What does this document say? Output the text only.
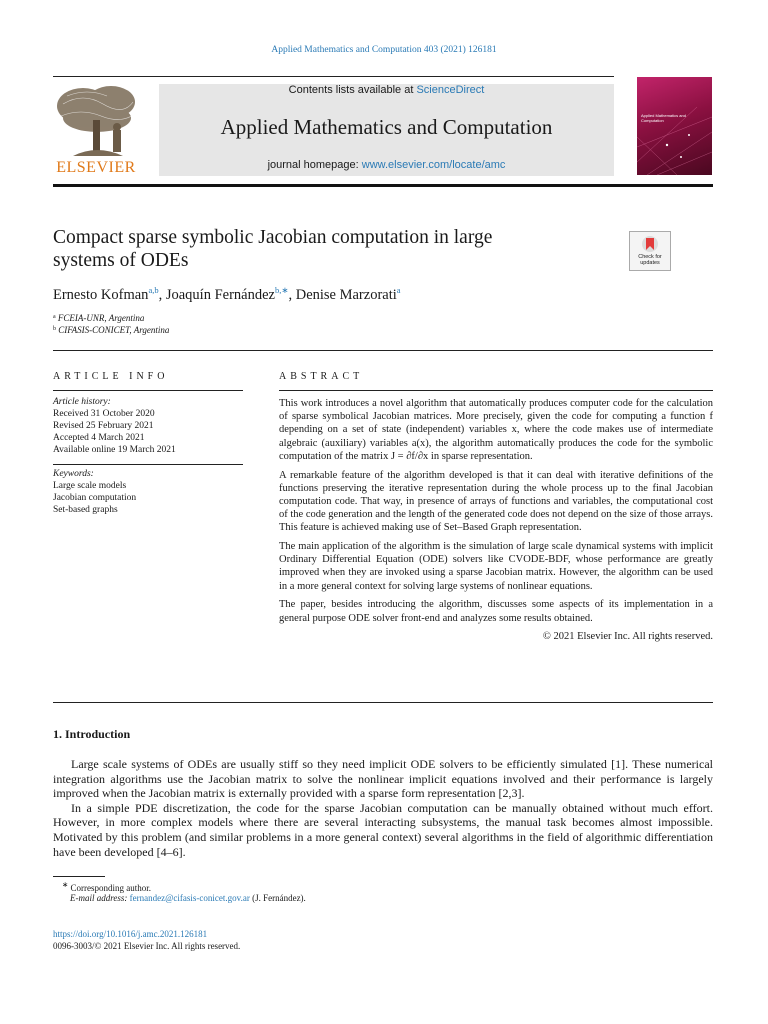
Applied Mathematics and Computation 403 (2021) 126181
Contents lists available at ScienceDirect
Applied Mathematics and Computation
journal homepage: www.elsevier.com/locate/amc
ELSEVIER
Applied Mathematics and Computation
Compact sparse symbolic Jacobian computation in large
systems of ODEs	Check for
updates
Ernesto Kofman$^{a,b}$, Joaquín Fernández$^{b,∗}$, Denise Marzorati$^a$
$^a$ FCEIA-UNR, Argentina
$^b$ CIFASIS-CONICET, Argentina
ARTICLE INFO
Article history:
Received 31 October 2020
Revised 25 February 2021
Accepted 4 March 2021
Available online 19 March 2021
Keywords:
Large scale models
Jacobian computation
Set-based graphs
ABSTRACT

This work introduces a novel algorithm that automatically produces computer code for the calculation of sparse symbolical Jacobian matrices. More precisely, given the code for computing a function f depending on a set of state (independent) variables x, where the code makes use of intermediate algebraic (auxiliary) variables a(x), the algorithm automatically produces the code for the symbolic computation of the matrix J = ∂f/∂x in sparse representation.

A remarkable feature of the algorithm developed is that it can deal with iterative definitions of the functions preserving the iterative representation during the whole process up to the final Jacobian computation code. That way, in presence of arrays of functions and variables, the computational cost of the code generation and the length of the generated code does not depend on the size of those arrays. This feature is achieved making use of Set–Based Graph representation.

The main application of the algorithm is the simulation of large scale dynamical systems with implicit Ordinary Differential Equation (ODE) solvers like CVODE-BDF, whose performance are greatly improved when they are invoked using a sparse Jacobian matrix. However, the algorithm can be used in a more general context for solving large systems of nonlinear equations.

The paper, besides introducing the algorithm, discusses some aspects of its implementation in a general purpose ODE solver front-end and analyzes some results obtained.

© 2021 Elsevier Inc. All rights reserved.

1. Introduction

Large scale systems of ODEs are usually stiff so they need implicit ODE solvers to be efficiently simulated [1]. These numerical integration algorithms use the Jacobian matrix to solve the nonlinear implicit equations involved and their performance is largely improved when the Jacobian matrix is externally provided with a sparse form representation [2,3].

In a simple PDE discretization, the code for the sparse Jacobian computation can be manually obtained without much effort. However, in more complex models where there are several interacting subsystems, the manual task becomes almost impossible. Motivated by this problem (and similar problems in a more general context) several algorithms in the field of algorithmic differentiation have been developed [4–6].

∗ Corresponding author.
E-mail address: fernandez@cifasis-conicet.gov.ar (J. Fernández).
https://doi.org/10.1016/j.amc.2021.126181
0096-3003/© 2021 Elsevier Inc. All rights reserved.
